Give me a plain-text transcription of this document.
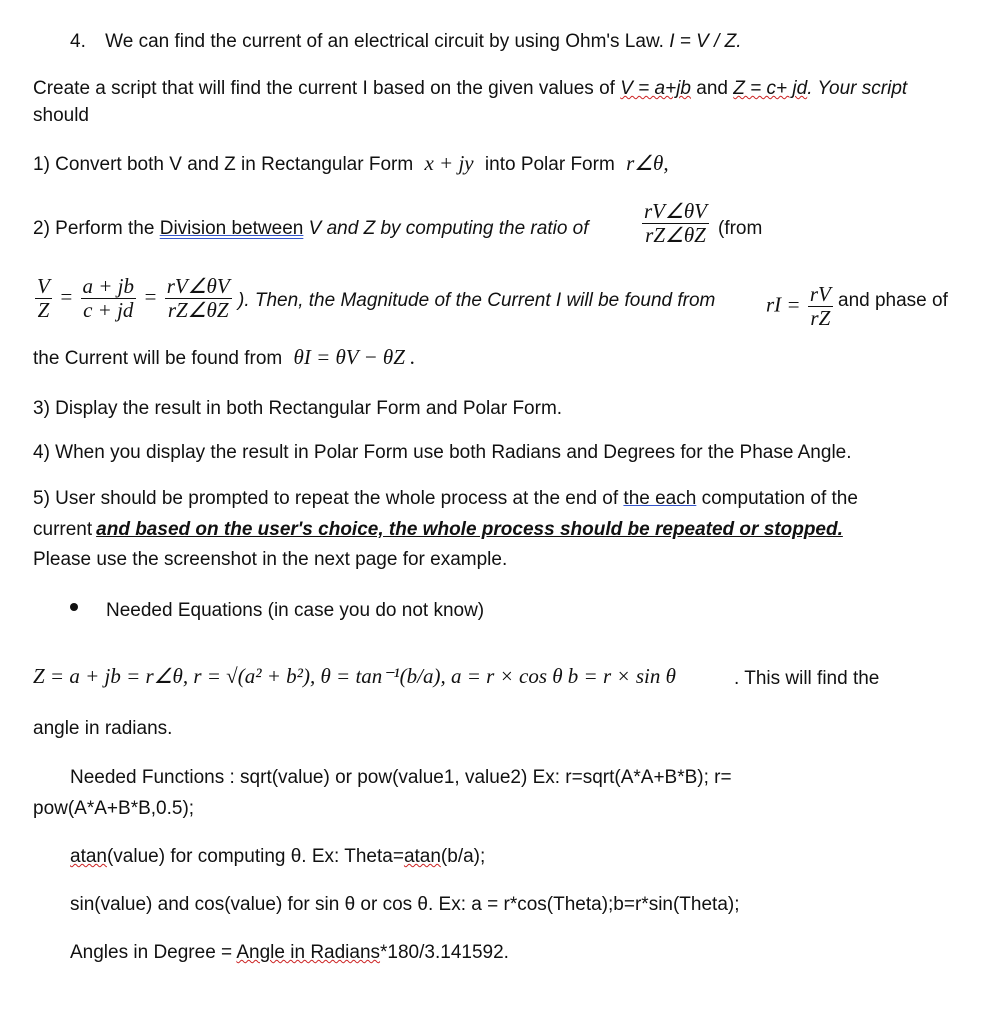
4. We can find the current of an electrical circuit by using Ohm's Law. I = V / Z.
Create a script that will find the current I based on the given values of V = a+jb and Z = c+ jd. Your script
should
1) Convert both V and Z in Rectangular Form x + jy into Polar Form r∠θ,
2) Perform the Division between V and Z by computing the ratio of	$\frac{rV\angle\theta V}{rZ\angle\theta Z}$ (from
$\frac{V}{Z} = \frac{a + jb}{c + jd} = \frac{rV\angle\theta V}{rZ\angle\theta Z}$ ). Then, the Magnitude of the Current I will be found from rI = $\frac{rV}{rZ}$ and phase of
the Current will be found from θI = θV − θZ .
3) Display the result in both Rectangular Form and Polar Form.
4) When you display the result in Polar Form use both Radians and Degrees for the Phase Angle.
5) User should be prompted to repeat the whole process at the end of the each computation of the
current and based on the user's choice, the whole process should be repeated or stopped.
Please use the screenshot in the next page for example.
Needed Equations (in case you do not know)
Z = a + jb = r∠θ, r = √(a² + b²), θ = tan⁻¹(b/a), a = r × cos θ b = r × sin θ	. This will find the
angle in radians.
Needed Functions : sqrt(value) or pow(value1, value2) Ex: r=sqrt(A*A+B*B); r=
pow(A*A+B*B,0.5);
atan(value) for computing θ. Ex: Theta=atan(b/a);
sin(value) and cos(value) for sin θ or cos θ. Ex: a = r*cos(Theta);b=r*sin(Theta);
Angles in Degree = Angle in Radians*180/3.141592.
